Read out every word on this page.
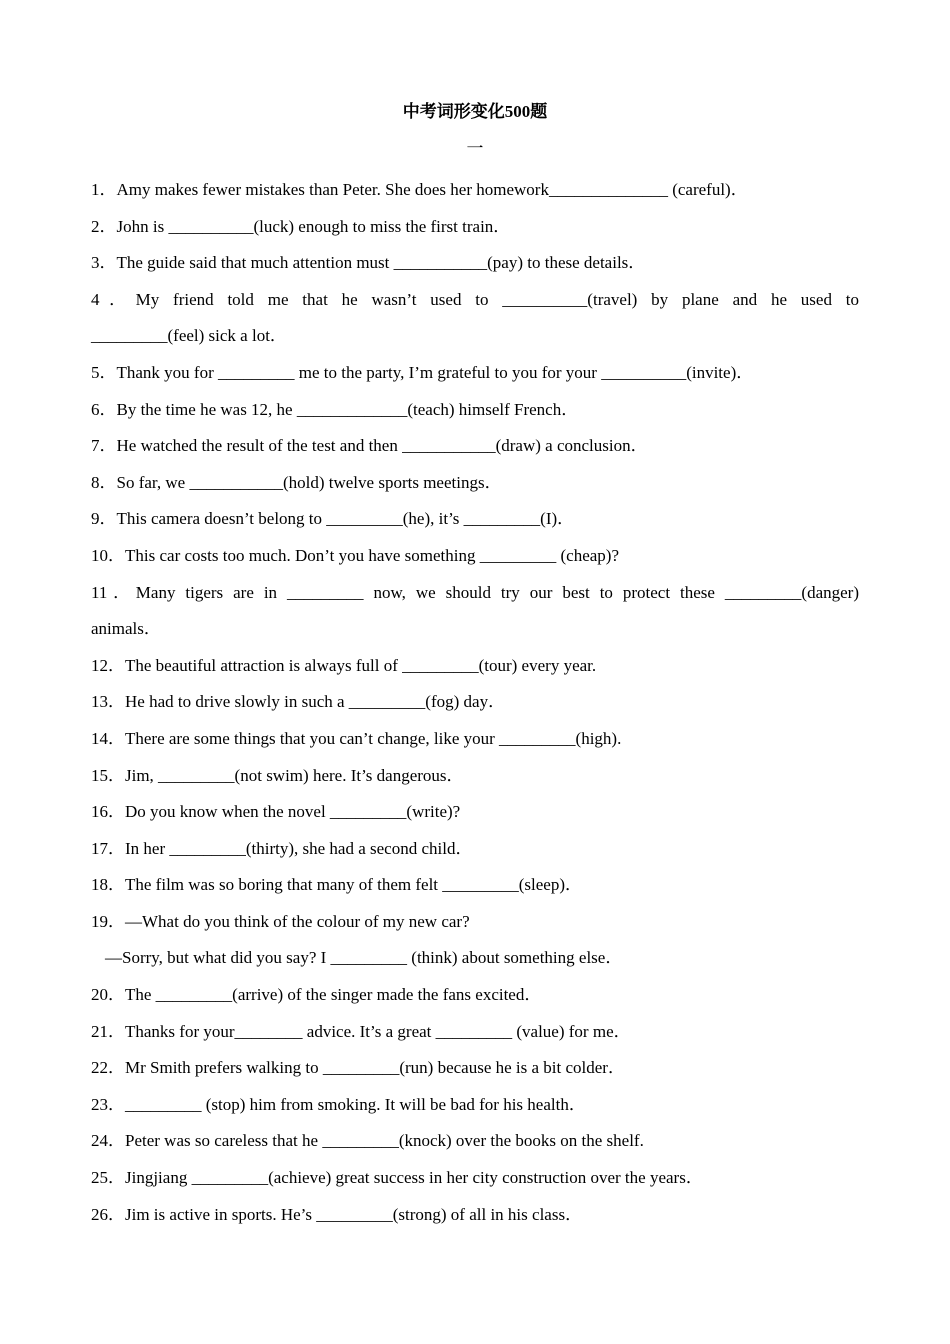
中考词形变化500题
一
1．Amy makes fewer mistakes than Peter. She does her homework______________ (careful)．
2．John is __________(luck) enough to miss the first train．
3．The guide said that much attention must ___________(pay) to these details．
4．My friend told me that he wasn’t used to __________(travel) by plane and he used to
_________(feel) sick a lot．
5．Thank you for _________ me to the party, I’m grateful to you for your __________(invite)．
6．By the time he was 12, he _____________(teach) himself French．
7．He watched the result of the test and then ___________(draw) a conclusion．
8．So far, we ___________(hold) twelve sports meetings．
9．This camera doesn’t belong to _________(he), it’s _________(I)．
10．This car costs too much. Don’t you have something _________ (cheap)?
11．Many tigers are in _________ now, we should try our best to protect these _________(danger)
animals．
12．The beautiful attraction is always full of _________(tour) every year.
13．He had to drive slowly in such a _________(fog) day．
14．There are some things that you can’t change, like your _________(high).
15．Jim, _________(not swim) here. It’s dangerous．
16．Do you know when the novel _________(write)?
17．In her _________(thirty), she had a second child．
18．The film was so boring that many of them felt _________(sleep)．
19．—What do you think of the colour of my new car?
—Sorry, but what did you say? I _________ (think) about something else．
20．The _________(arrive) of the singer made the fans excited．
21．Thanks for your________ advice. It’s a great _________ (value) for me．
22．Mr Smith prefers walking to _________(run) because he is a bit colder．
23．_________ (stop) him from smoking. It will be bad for his health．
24．Peter was so careless that he _________(knock) over the books on the shelf.
25．Jingjiang _________(achieve) great success in her city construction over the years．
26．Jim is active in sports. He’s _________(strong) of all in his class．
